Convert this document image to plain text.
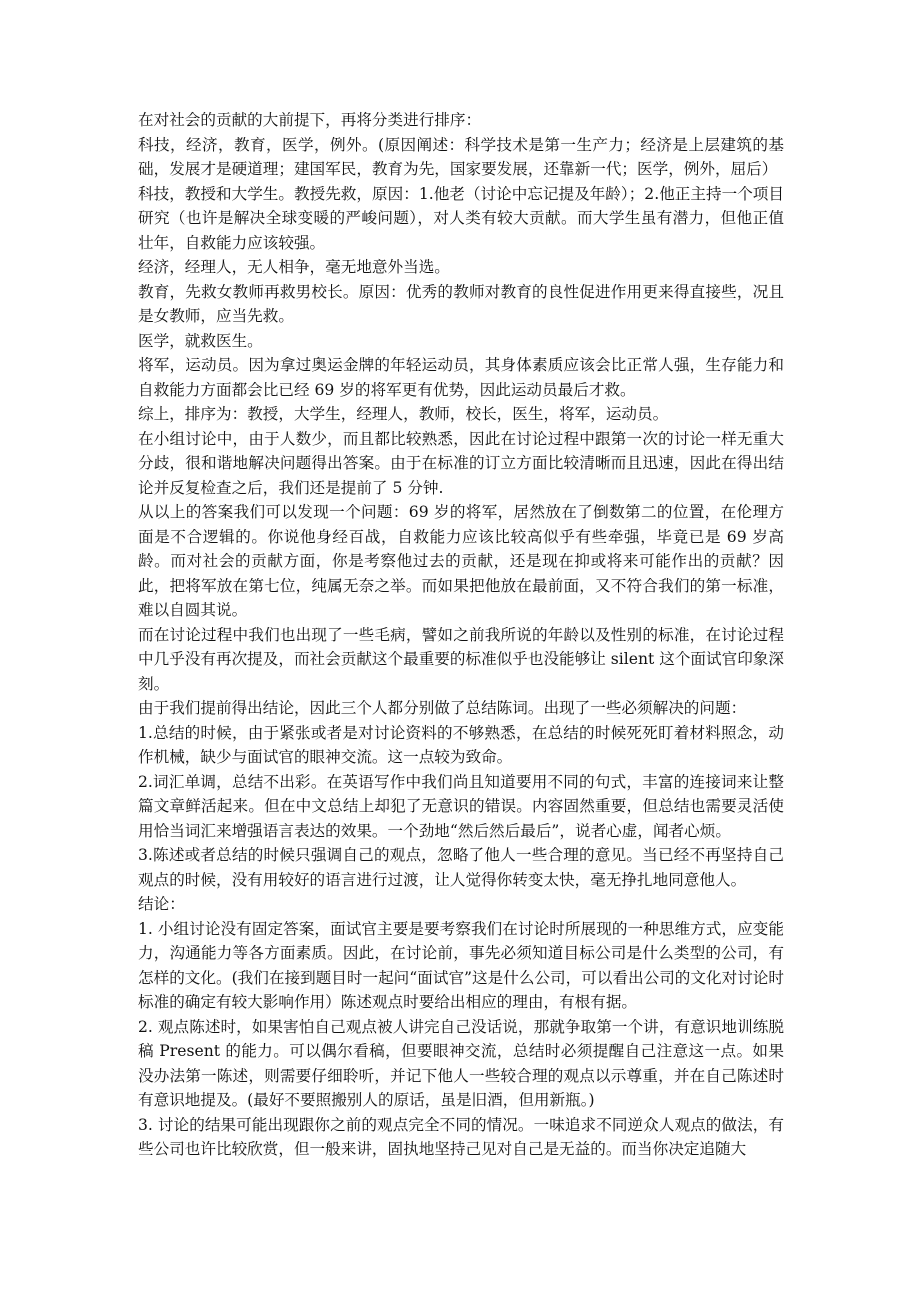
在对社会的贡献的大前提下，再将分类进行排序：

科技，经济，教育，医学，例外。(原因阐述：科学技术是第一生产力；经济是上层建筑的基础，发展才是硬道理；建国军民，教育为先，国家要发展，还靠新一代；医学，例外，屈后）

科技，教授和大学生。教授先救，原因：1.他老（讨论中忘记提及年龄）；2.他正主持一个项目研究（也许是解决全球变暖的严峻问题），对人类有较大贡献。而大学生虽有潜力，但他正值壮年，自救能力应该较强。

经济，经理人，无人相争，毫无地意外当选。

教育，先救女教师再救男校长。原因：优秀的教师对教育的良性促进作用更来得直接些，况且是女教师，应当先救。

医学，就救医生。

将军，运动员。因为拿过奥运金牌的年轻运动员，其身体素质应该会比正常人强，生存能力和自救能力方面都会比已经 69 岁的将军更有优势，因此运动员最后才救。

综上，排序为：教授，大学生，经理人，教师，校长，医生，将军，运动员。

在小组讨论中，由于人数少，而且都比较熟悉，因此在讨论过程中跟第一次的讨论一样无重大分歧，很和谐地解决问题得出答案。由于在标准的订立方面比较清晰而且迅速，因此在得出结论并反复检查之后，我们还是提前了 5 分钟.

从以上的答案我们可以发现一个问题：69 岁的将军，居然放在了倒数第二的位置，在伦理方面是不合逻辑的。你说他身经百战，自救能力应该比较高似乎有些牵强，毕竟已是 69 岁高龄。而对社会的贡献方面，你是考察他过去的贡献，还是现在抑或将来可能作出的贡献？因此，把将军放在第七位，纯属无奈之举。而如果把他放在最前面，又不符合我们的第一标准，难以自圆其说。

而在讨论过程中我们也出现了一些毛病，譬如之前我所说的年龄以及性别的标准，在讨论过程中几乎没有再次提及，而社会贡献这个最重要的标准似乎也没能够让 silent 这个面试官印象深刻。

由于我们提前得出结论，因此三个人都分别做了总结陈词。出现了一些必须解决的问题：

1.总结的时候，由于紧张或者是对讨论资料的不够熟悉，在总结的时候死死盯着材料照念，动作机械，缺少与面试官的眼神交流。这一点较为致命。

2.词汇单调，总结不出彩。在英语写作中我们尚且知道要用不同的句式，丰富的连接词来让整篇文章鲜活起来。但在中文总结上却犯了无意识的错误。内容固然重要，但总结也需要灵活使用恰当词汇来增强语言表达的效果。一个劲地“然后然后最后”，说者心虚，闻者心烦。

3.陈述或者总结的时候只强调自己的观点，忽略了他人一些合理的意见。当已经不再坚持自己观点的时候，没有用较好的语言进行过渡，让人觉得你转变太快，毫无挣扎地同意他人。

结论：

1. 小组讨论没有固定答案，面试官主要是要考察我们在讨论时所展现的一种思维方式，应变能力，沟通能力等各方面素质。因此，在讨论前，事先必须知道目标公司是什么类型的公司，有怎样的文化。(我们在接到题目时一起问“面试官”这是什么公司，可以看出公司的文化对讨论时标准的确定有较大影响作用）陈述观点时要给出相应的理由，有根有据。

2. 观点陈述时，如果害怕自己观点被人讲完自己没话说，那就争取第一个讲，有意识地训练脱稿 Present 的能力。可以偶尔看稿，但要眼神交流，总结时必须提醒自己注意这一点。如果没办法第一陈述，则需要仔细聆听，并记下他人一些较合理的观点以示尊重，并在自己陈述时有意识地提及。(最好不要照搬别人的原话，虽是旧酒，但用新瓶。)

3. 讨论的结果可能出现跟你之前的观点完全不同的情况。一味追求不同逆众人观点的做法，有些公司也许比较欣赏，但一般来讲，固执地坚持己见对自己是无益的。而当你决定追随大
